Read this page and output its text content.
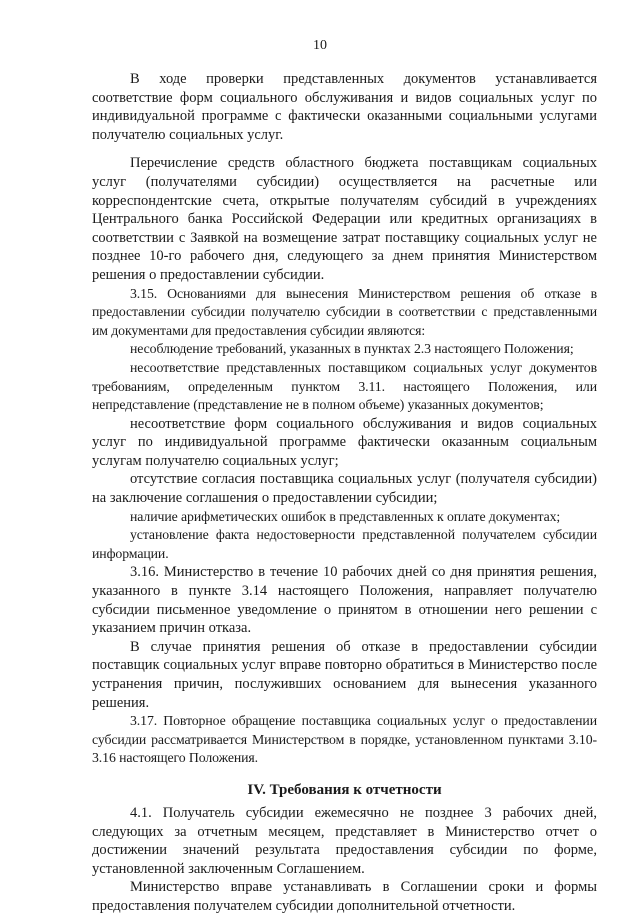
10

В ходе проверки представленных документов устанавливается соответствие форм социального обслуживания и видов социальных услуг по индивидуальной программе с фактически оказанными социальными услугами получателю социальных услуг.

Перечисление средств областного бюджета поставщикам социальных услуг (получателями субсидии) осуществляется на расчетные или корреспондентские счета, открытые получателям субсидий в учреждениях Центрального банка Российской Федерации или кредитных организациях в соответствии с Заявкой на возмещение затрат поставщику социальных услуг не позднее 10-го рабочего дня, следующего за днем принятия Министерством решения о предоставлении субсидии.

3.15. Основаниями для вынесения Министерством решения об отказе в предоставлении субсидии получателю субсидии в соответствии с представленными им документами для предоставления субсидии являются:

несоблюдение требований, указанных в пунктах 2.3 настоящего Положения;

несоответствие представленных поставщиком социальных услуг документов требованиям, определенным пунктом 3.11. настоящего Положения, или непредставление (представление не в полном объеме) указанных документов;

несоответствие форм социального обслуживания и видов социальных услуг по индивидуальной программе фактически оказанным социальным услугам получателю социальных услуг;

отсутствие согласия поставщика социальных услуг (получателя субсидии) на заключение соглашения о предоставлении субсидии;

наличие арифметических ошибок в представленных к оплате документах;

установление факта недостоверности представленной получателем субсидии информации.

3.16. Министерство в течение 10 рабочих дней со дня принятия решения, указанного в пункте 3.14 настоящего Положения, направляет получателю субсидии письменное уведомление о принятом в отношении него решении с указанием причин отказа.

В случае принятия решения об отказе в предоставлении субсидии поставщик социальных услуг вправе повторно обратиться в Министерство после устранения причин, послуживших основанием для вынесения указанного решения.

3.17. Повторное обращение поставщика социальных услуг о предоставлении субсидии рассматривается Министерством в порядке, установленном пунктами 3.10-3.16 настоящего Положения.

IV. Требования к отчетности

4.1. Получатель субсидии ежемесячно не позднее 3 рабочих дней, следующих за отчетным месяцем, представляет в Министерство отчет о достижении значений результата предоставления субсидии по форме, установленной заключенным Соглашением.

Министерство вправе устанавливать в Соглашении сроки и формы предоставления получателем субсидии дополнительной отчетности.
